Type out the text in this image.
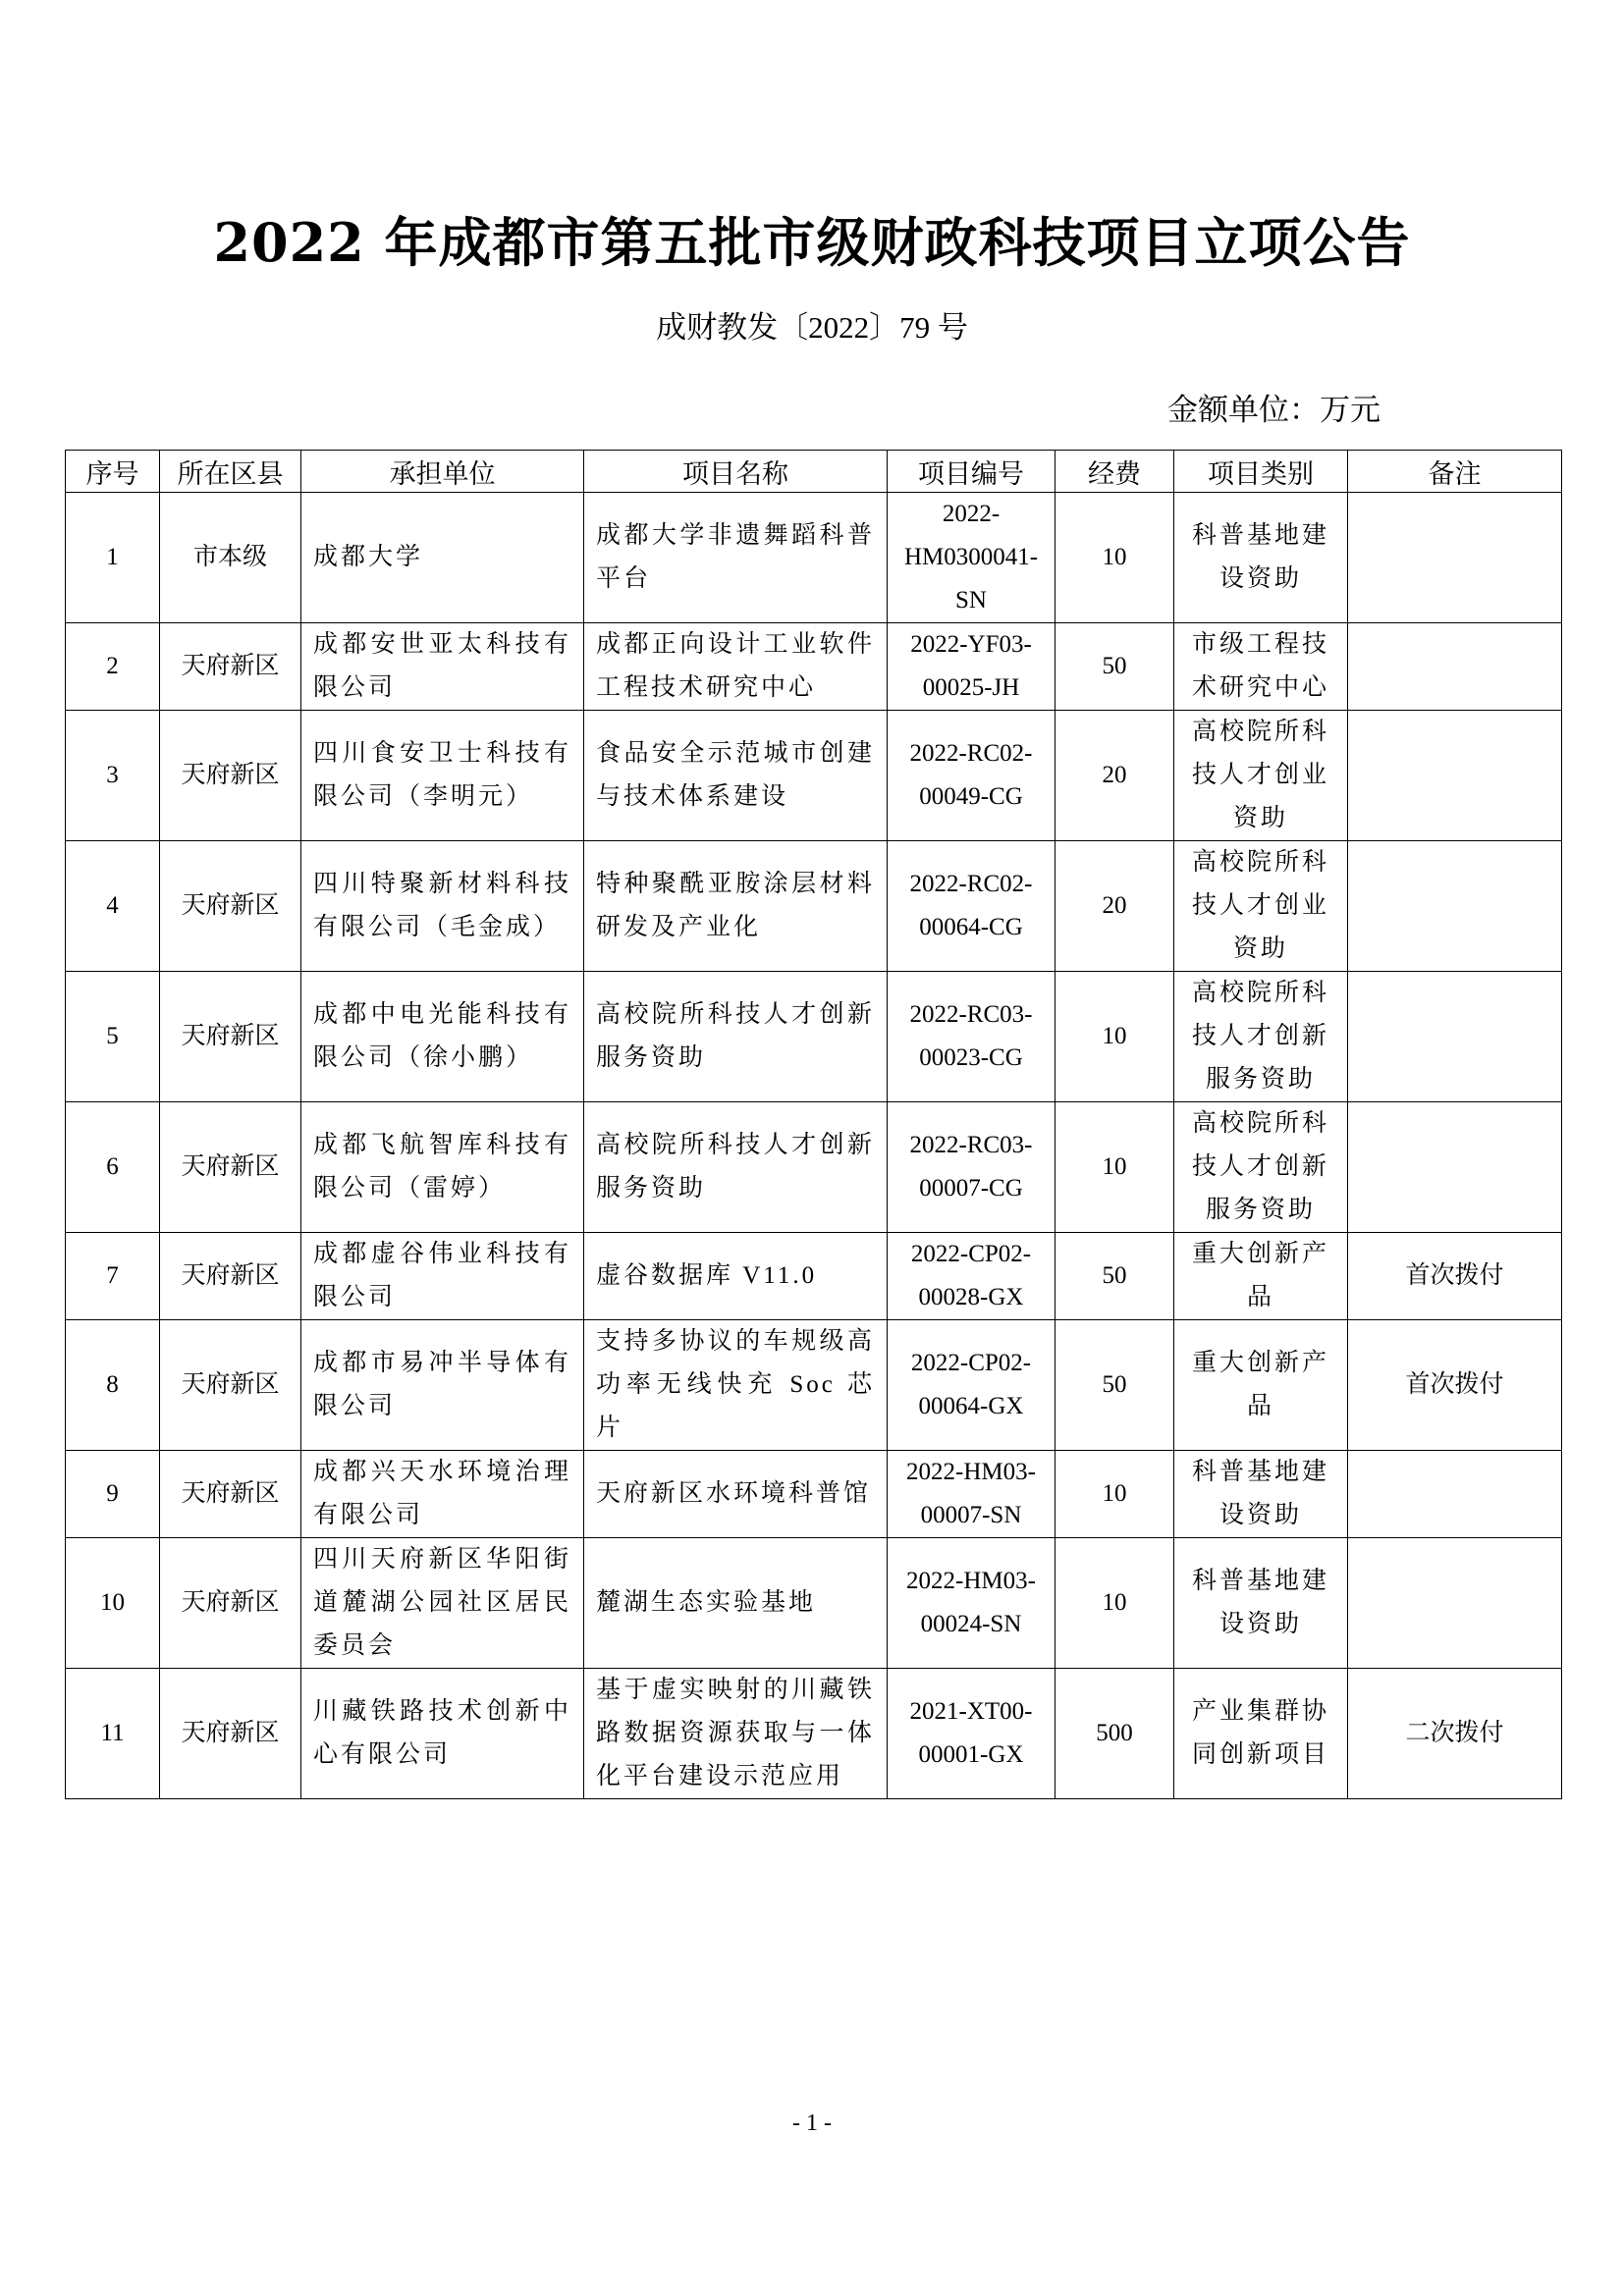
2022 年成都市第五批市级财政科技项目立项公告
成财教发〔2022〕79 号
金额单位：万元
序号	所在区县	承担单位	项目名称	项目编号	经费	项目类别	备注
1	市本级	成都大学	成都大学非遗舞蹈科普平台	2022-HM0300041-SN	10	科普基地建设资助	
2	天府新区	成都安世亚太科技有限公司	成都正向设计工业软件工程技术研究中心	2022-YF03-00025-JH	50	市级工程技术研究中心	
3	天府新区	四川食安卫士科技有限公司（李明元）	食品安全示范城市创建与技术体系建设	2022-RC02-00049-CG	20	高校院所科技人才创业资助	
4	天府新区	四川特聚新材料科技有限公司（毛金成）	特种聚酰亚胺涂层材料研发及产业化	2022-RC02-00064-CG	20	高校院所科技人才创业资助	
5	天府新区	成都中电光能科技有限公司（徐小鹏）	高校院所科技人才创新服务资助	2022-RC03-00023-CG	10	高校院所科技人才创新服务资助	
6	天府新区	成都飞航智库科技有限公司（雷婷）	高校院所科技人才创新服务资助	2022-RC03-00007-CG	10	高校院所科技人才创新服务资助	
7	天府新区	成都虚谷伟业科技有限公司	虚谷数据库 V11.0	2022-CP02-00028-GX	50	重大创新产品	首次拨付
8	天府新区	成都市易冲半导体有限公司	支持多协议的车规级高功率无线快充 Soc 芯片	2022-CP02-00064-GX	50	重大创新产品	首次拨付
9	天府新区	成都兴天水环境治理有限公司	天府新区水环境科普馆	2022-HM03-00007-SN	10	科普基地建设资助	
10	天府新区	四川天府新区华阳街道麓湖公园社区居民委员会	麓湖生态实验基地	2022-HM03-00024-SN	10	科普基地建设资助	
11	天府新区	川藏铁路技术创新中心有限公司	基于虚实映射的川藏铁路数据资源获取与一体化平台建设示范应用	2021-XT00-00001-GX	500	产业集群协同创新项目	二次拨付
- 1 -
